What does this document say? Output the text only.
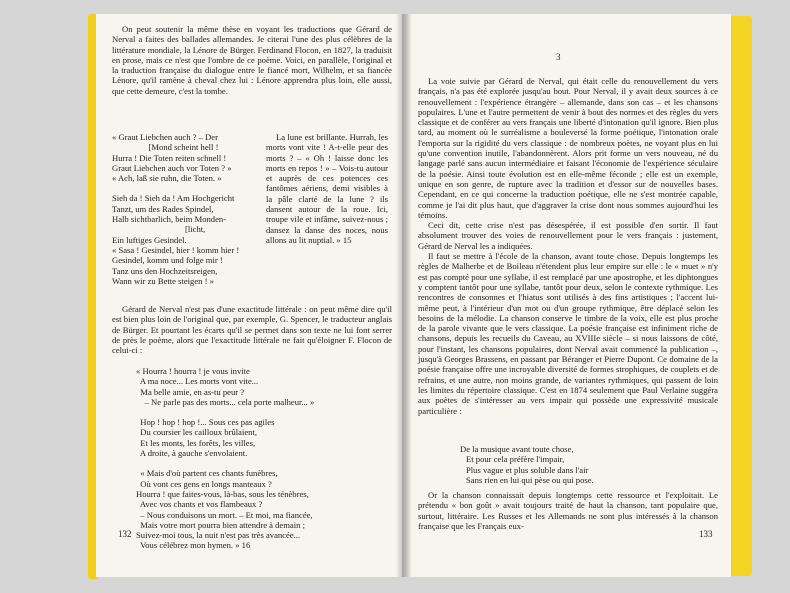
On peut soutenir la même thèse en voyant les traductions que Gérard de Nerval a faites des ballades allemandes. Je citerai l'une des plus célèbres de la littérature mondiale, la Lénore de Bürger. Ferdinand Flocon, en 1827, la traduisit en prose, mais ce n'est que l'ombre de ce poème. Voici, en parallèle, l'original et la traduction française du dialogue entre le fiancé mort, Wilhelm, et sa fiancée Lénore, qu'il ramène à cheval chez lui : Lénore apprendra plus loin, elle aussi, que cette demeure, c'est la tombe.

« Graut Liebchen auch ? – Der
[Mond scheint hell !
Hurra ! Die Toten reiten schnell !
Graut Liebchen auch vor Toten ? »
« Ach, laß sie ruhn, die Toten. »
Sieh da ! Sieh da ! Am Hochgericht
Tanzt, um des Rades Spindel,
Halb sichtbarlich, beim Monden-
[licht,
Ein luftiges Gesindel.
« Sasa ! Gesindel, hier ! komm hier !
Gesindel, komm und folge mir !
Tanz uns den Hochzeitsreigen,
Wann wir zu Bette steigen ! »

La lune est brillante. Hurrah, les morts vont vite ! A-t-elle peur des morts ? – « Oh ! laisse donc les morts en repos ! » – Vois-tu autour et auprès de ces potences ces fantômes aériens, demi visibles à la pâle clarté de la lune ? ils dansent autour de la roue. Ici, troupe vile et infâme, suivez-nous ; dansez la danse des noces, nous allons au lit nuptial. » 15

Gérard de Nerval n'est pas d'une exactitude littérale : on peut même dire qu'il est bien plus loin de l'original que, par exemple, G. Spencer, le traducteur anglais de Bürger. Et pourtant les écarts qu'il se permet dans son texte ne lui font serrer de près le poème, alors que l'exactitude littérale ne fait qu'éloigner F. Flocon de celui-ci :

« Hourra ! hourra ! je vous invite
A ma noce... Les morts vont vite...
Ma belle amie, en as-tu peur ?
– Ne parle pas des morts... cela porte malheur... »
Hop ! hop ! hop !... Sous ces pas agiles
Du coursier les cailloux brûlaient,
Et les monts, les forêts, les villes,
A droite, à gauche s'envolaient.
« Mais d'où partent ces chants funèbres,
Où vont ces gens en longs manteaux ?
Hourra ! que faites-vous, là-bas, sous les ténèbres,
Avec vos chants et vos flambeaux ?
– Nous conduisons un mort. – Et moi, ma fiancée,
Mais votre mort pourra bien attendre à demain ;
Suivez-moi tous, la nuit n'est pas très avancée...
Vous célébrez mon hymen. » 16
132
3

La voie suivie par Gérard de Nerval, qui était celle du renouvellement du vers français, n'a pas été explorée jusqu'au bout. Pour Nerval, il y avait deux sources à ce renouvellement : l'expérience étrangère – allemande, dans son cas – et les chansons populaires. L'une et l'autre permettent de venir à bout des normes et des règles du vers classique et de conférer au vers français une liberté d'intonation qu'il ignore. Bien plus tard, au moment où le surréalisme a bouleversé la forme poétique, l'intonation orale l'emporta sur la rigidité du vers classique : de nombreux poètes, ne voyant plus en lui qu'une convention inutile, l'abandonnèrent. Alors prit forme un vers nouveau, né du langage parlé sans aucun intermédiaire et faisant l'économie de l'expérience séculaire de la poésie. Ainsi toute évolution est en elle-même féconde ; elle est un exemple, unique en son genre, de rupture avec la tradition et d'essor sur de nouvelles bases. Cependant, en ce qui concerne la traduction poétique, elle ne s'est montrée capable, comme je l'ai dit plus haut, que d'aggraver la crise dont nous sommes aujourd'hui les témoins.

Ceci dit, cette crise n'est pas désespérée, il est possible d'en sortir. Il faut absolument trouver des voies de renouvellement pour le vers français : justement, Gérard de Nerval les a indiquées.

Il faut se mettre à l'école de la chanson, avant toute chose. Depuis longtemps les règles de Malherbe et de Boileau n'étendent plus leur empire sur elle : le « muet » n'y est pas compté pour une syllabe, il est remplacé par une apostrophe, et les diphtongues y comptent tantôt pour une syllabe, tantôt pour deux, selon le contexte rythmique. Les rencontres de consonnes et l'hiatus sont utilisés à des fins artistiques ; l'accent lui-même peut, à l'intérieur d'un mot ou d'un groupe rythmique, être déplacé selon les besoins de la mélodie. La chanson conserve le timbre de la voix, elle est plus proche de la parole vivante que le vers classique. La poésie française est infiniment riche de chansons, depuis les recueils du Caveau, au XVIIIe siècle – si nous laissons de côté, pour l'instant, les chansons populaires, dont Nerval avait commencé la publication –, jusqu'à Georges Brassens, en passant par Béranger et Pierre Dupont. Ce domaine de la poésie française offre une incroyable diversité de formes strophiques, de couplets et de refrains, et une autre, non moins grande, de variantes rythmiques, qui passent de loin les limites du répertoire classique. C'est en 1874 seulement que Paul Verlaine suggéra aux poètes de s'intéresser au vers impair qui possède une expressivité musicale particulière :

De la musique avant toute chose,
Et pour cela préfère l'impair,
Plus vague et plus soluble dans l'air
Sans rien en lui qui pèse ou qui pose.

Or la chanson connaissait depuis longtemps cette ressource et l'exploitait. Le prétendu « bon goût » avait toujours traité de haut la chanson, tant populaire que, surtout, littéraire. Les Russes et les Allemands ne sont plus intéressés à la chanson française que les Français eux-

133
